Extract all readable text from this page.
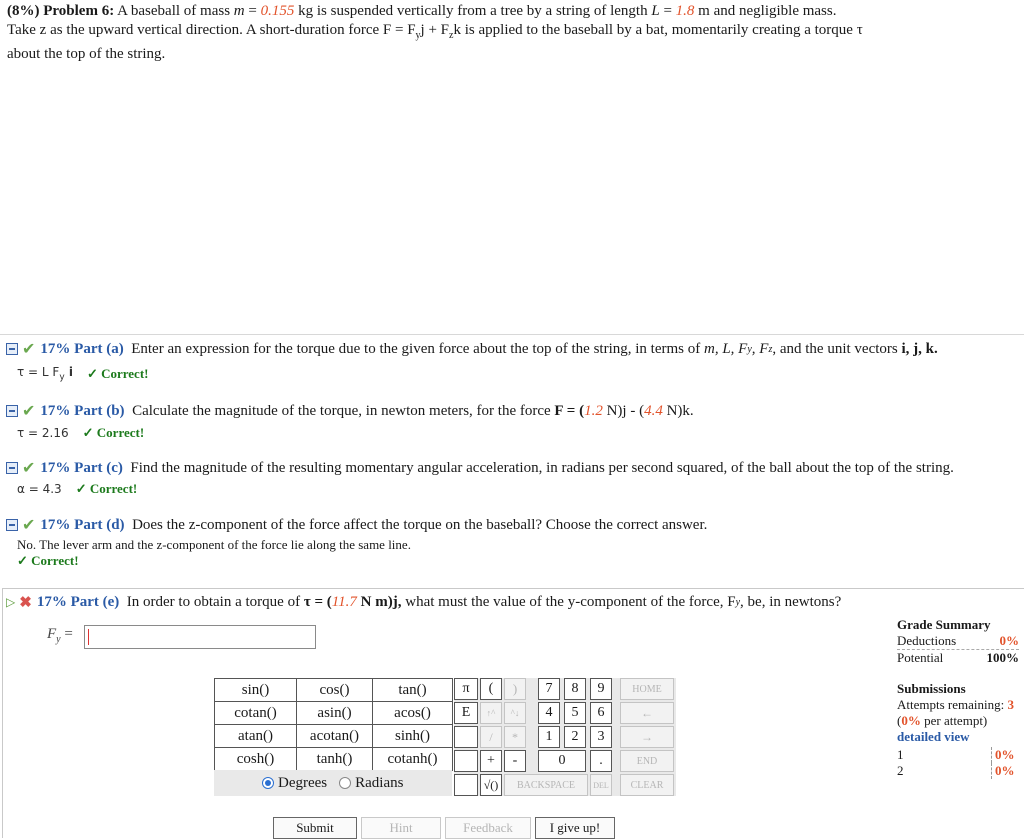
(8%) Problem 6: A baseball of mass m = 0.155 kg is suspended vertically from a tree by a string of length L = 1.8 m and negligible mass.
Take z as the upward vertical direction. A short-duration force $F = F_yj + F_zk$ is applied to the baseball by a bat, momentarily creating a torque τ
about the top of the string.
✔ 17% Part (a)
Enter an expression for the torque due to the given force about the top of the string, in terms of
m, L, F y , F z , and the unit vectors
i, j, k.
τ = L $F_y$ i ✓ Correct!
✔ 17% Part (b)
Calculate the magnitude of the torque, in newton meters, for the force
F = ( 1.2
N)j - ( 4.4
N)k.
τ = 2.16 ✓ Correct!
✔ 17% Part (c)
Find the magnitude of the resulting momentary angular acceleration, in radians per second squared, of the ball about the top of the string.
α = 4.3 ✓ Correct!
✔ 17% Part (d)
Does the z-component of the force affect the torque on the baseball? Choose the correct answer.
No. The lever arm and the z-component of the force lie along the same line.
✓ Correct!
▷ ✖ 17% Part (e)
In order to obtain a torque of
τ = ( 11.7
N m)j,
what must the value of the y-component of the force, F y , be, in newtons?
$F_y$ =
sin()	cos()	tan()
cotan()	asin()	acos()
atan()	acotan()	sinh()
cosh()	tanh()	cotanh()
Degrees	Radians
π	(	)	7	8	9	HOME
E	↑^	^↓	4	5	6	←
/	*	1	2	3	→
+	-	0	.	END
√()	BACKSPACE	DEL	CLEAR
Grade Summary
Deductions	0%
Potential	100%
Submissions
Attempts remaining: 3
(0% per attempt)
detailed view
1	0%
2	0%
Submit	Hint	Feedback	I give up!
